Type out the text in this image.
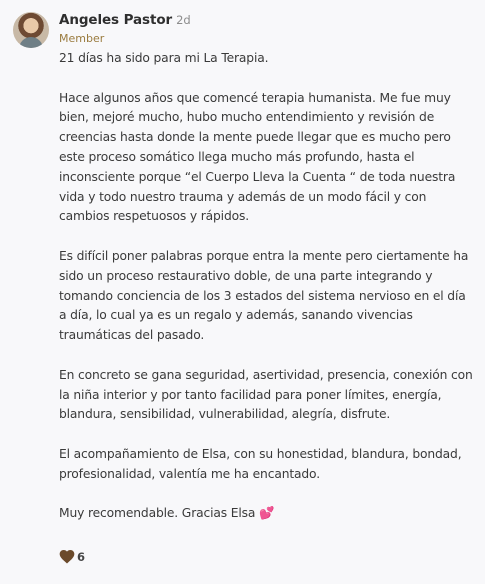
Angeles Pastor 2d
Member

21 días ha sido para mi La Terapia.

Hace algunos años que comencé terapia humanista. Me fue muy bien, mejoré mucho, hubo mucho entendimiento y revisión de creencias hasta donde la mente puede llegar que es mucho pero este proceso somático llega mucho más profundo, hasta el inconsciente porque “el Cuerpo Lleva la Cuenta “ de toda nuestra vida y todo nuestro trauma y además de un modo fácil y con cambios respetuosos y rápidos.

Es difícil poner palabras porque entra la mente pero ciertamente ha sido un proceso restaurativo doble, de una parte integrando y tomando conciencia de los 3 estados del sistema nervioso en el día a día, lo cual ya es un regalo y además, sanando vivencias traumáticas del pasado.

En concreto se gana seguridad, asertividad, presencia, conexión con la niña interior y por tanto facilidad para poner límites, energía, blandura, sensibilidad, vulnerabilidad, alegría, disfrute.

El acompañamiento de Elsa, con su honestidad, blandura, bondad, profesionalidad, valentía me ha encantado.

Muy recomendable. Gracias Elsa 💕

6
